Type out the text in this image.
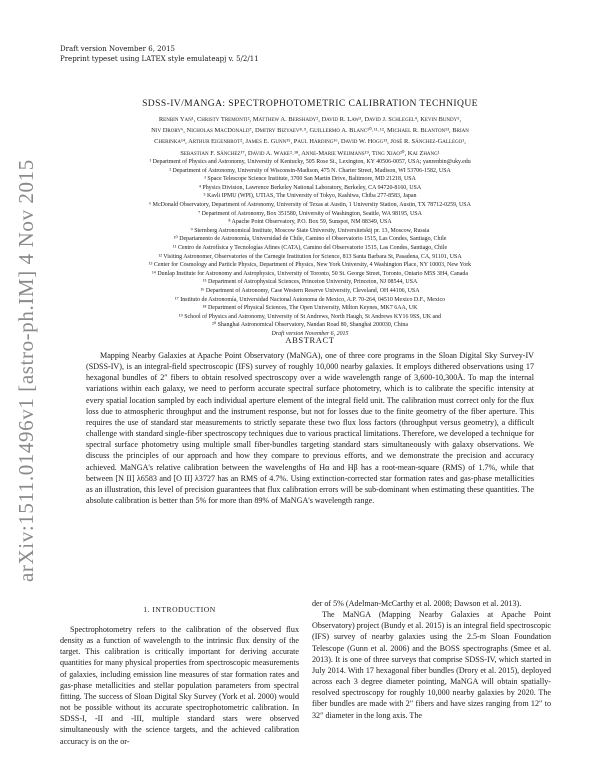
arXiv:1511.01496v1 [astro-ph.IM] 4 Nov 2015
Draft version November 6, 2015
Preprint typeset using LATEX style emulateapj v. 5/2/11
SDSS-IV/MANGA: SPECTROPHOTOMETRIC CALIBRATION TECHNIQUE
Renbin Yan¹, Christy Tremonti², Matthew A. Bershady², David R. Law³, David J. Schlegel⁴, Kevin Bundy⁵,
Niv Drory⁶, Nicholas MacDonald⁷, Dmitry Bizyaev⁸˒⁹, Guillermo A. Blanc¹⁰˒¹¹˒¹², Michael R. Blanton¹³, Brian
Cherinka¹⁴, Arthur Eigenbrot², James E. Gunn¹⁵, Paul Harding¹⁶, David W. Hogg¹³, José R. Sánchez-Gallego¹,
Sebastian F. Sánchez¹⁷, David A. Wake²˒¹⁸, Anne-Marie Weijmans¹⁹, Ting Xiao²⁰, Kai Zhang¹
¹ Department of Physics and Astronomy, University of Kentucky, 505 Rose St., Lexington, KY 40506-0057, USA; yanrenbin@uky.edu
² Department of Astronomy, University of Wisconsin-Madison, 475 N. Charter Street, Madison, WI 53706-1582, USA
³ Space Telescope Science Institute, 3700 San Martin Drive, Baltimore, MD 21218, USA
⁴ Physics Division, Lawrence Berkeley National Laboratory, Berkeley, CA 94720-8160, USA
⁵ Kavli IPMU (WPI), UTIAS, The University of Tokyo, Kashiwa, Chiba 277-8583, Japan
⁶ McDonald Observatory, Department of Astronomy, University of Texas at Austin, 1 University Station, Austin, TX 78712-0259, USA
⁷ Department of Astronomy, Box 351580, University of Washington, Seattle, WA 98195, USA
⁸ Apache Point Observatory, P.O. Box 59, Sunspot, NM 88349, USA
⁹ Sternberg Astronomical Institute, Moscow State University, Universitetskij pr. 13, Moscow, Russia
¹⁰ Departamento de Astronomía, Universidad de Chile, Camino el Observatorio 1515, Las Condes, Santiago, Chile
¹¹ Centro de Astrofísica y Tecnologías Afines (CATA), Camino del Observatorio 1515, Las Condes, Santiago, Chile
¹² Visiting Astronomer, Observatories of the Carnegie Institution for Science, 813 Santa Barbara St, Pasadena, CA, 91101, USA
¹³ Center for Cosmology and Particle Physics, Department of Physics, New York University, 4 Washington Place, NY 10003, New York
¹⁴ Dunlap Institute for Astronomy and Astrophysics, University of Toronto, 50 St. George Street, Toronto, Ontario M5S 3H4, Canada
¹⁵ Department of Astrophysical Sciences, Princeton University, Princeton, NJ 08544, USA
¹⁶ Department of Astronomy, Case Western Reserve University, Cleveland, OH 44106, USA
¹⁷ Instituto de Astronomía, Universidad Nacional Autonoma de Mexico, A.P. 70-264, 04510 Mexico D.F., Mexico
¹⁸ Department of Physical Sciences, The Open University, Milton Keynes, MK7 6AA, UK
¹⁹ School of Physics and Astronomy, University of St Andrews, North Haugh, St Andrews KY16 9SS, UK and
²⁰ Shanghai Astronomical Observatory, Nandan Road 80, Shanghai 200030, China
Draft version November 6, 2015
ABSTRACT
Mapping Nearby Galaxies at Apache Point Observatory (MaNGA), one of three core programs in the Sloan Digital Sky Survey-IV (SDSS-IV), is an integral-field spectroscopic (IFS) survey of roughly 10,000 nearby galaxies. It employs dithered observations using 17 hexagonal bundles of 2″ fibers to obtain resolved spectroscopy over a wide wavelength range of 3,600-10,300Å. To map the internal variations within each galaxy, we need to perform accurate spectral surface photometry, which is to calibrate the specific intensity at every spatial location sampled by each individual aperture element of the integral field unit. The calibration must correct only for the flux loss due to atmospheric throughput and the instrument response, but not for losses due to the finite geometry of the fiber aperture. This requires the use of standard star measurements to strictly separate these two flux loss factors (throughput versus geometry), a difficult challenge with standard single-fiber spectroscopy techniques due to various practical limitations. Therefore, we developed a technique for spectral surface photometry using multiple small fiber-bundles targeting standard stars simultaneously with galaxy observations. We discuss the principles of our approach and how they compare to previous efforts, and we demonstrate the precision and accuracy achieved. MaNGA's relative calibration between the wavelengths of Hα and Hβ has a root-mean-square (RMS) of 1.7%, while that between [N II] λ6583 and [O II] λ3727 has an RMS of 4.7%. Using extinction-corrected star formation rates and gas-phase metallicities as an illustration, this level of precision guarantees that flux calibration errors will be sub-dominant when estimating these quantities. The absolute calibration is better than 5% for more than 89% of MaNGA's wavelength range.
1. INTRODUCTION

Spectrophotometry refers to the calibration of the observed flux density as a function of wavelength to the intrinsic flux density of the target. This calibration is critically important for deriving accurate quantities for many physical properties from spectroscopic measurements of galaxies, including emission line measures of star formation rates and gas-phase metallicities and stellar population parameters from spectral fitting. The success of Sloan Digital Sky Survey (York et al. 2000) would not be possible without its accurate spectrophotometric calibration. In SDSS-I, -II and -III, multiple standard stars were observed simultaneously with the science targets, and the achieved calibration accuracy is on the or-

der of 5% (Adelman-McCarthy et al. 2008; Dawson et al. 2013).

The MaNGA (Mapping Nearby Galaxies at Apache Point Observatory) project (Bundy et al. 2015) is an integral field spectroscopic (IFS) survey of nearby galaxies using the 2.5-m Sloan Foundation Telescope (Gunn et al. 2006) and the BOSS spectrographs (Smee et al. 2013). It is one of three surveys that comprise SDSS-IV, which started in July 2014. With 17 hexagonal fiber bundles (Drory et al. 2015), deployed across each 3 degree diameter pointing, MaNGA will obtain spatially-resolved spectroscopy for roughly 10,000 nearby galaxies by 2020. The fiber bundles are made with 2″ fibers and have sizes ranging from 12″ to 32″ diameter in the long axis. The
